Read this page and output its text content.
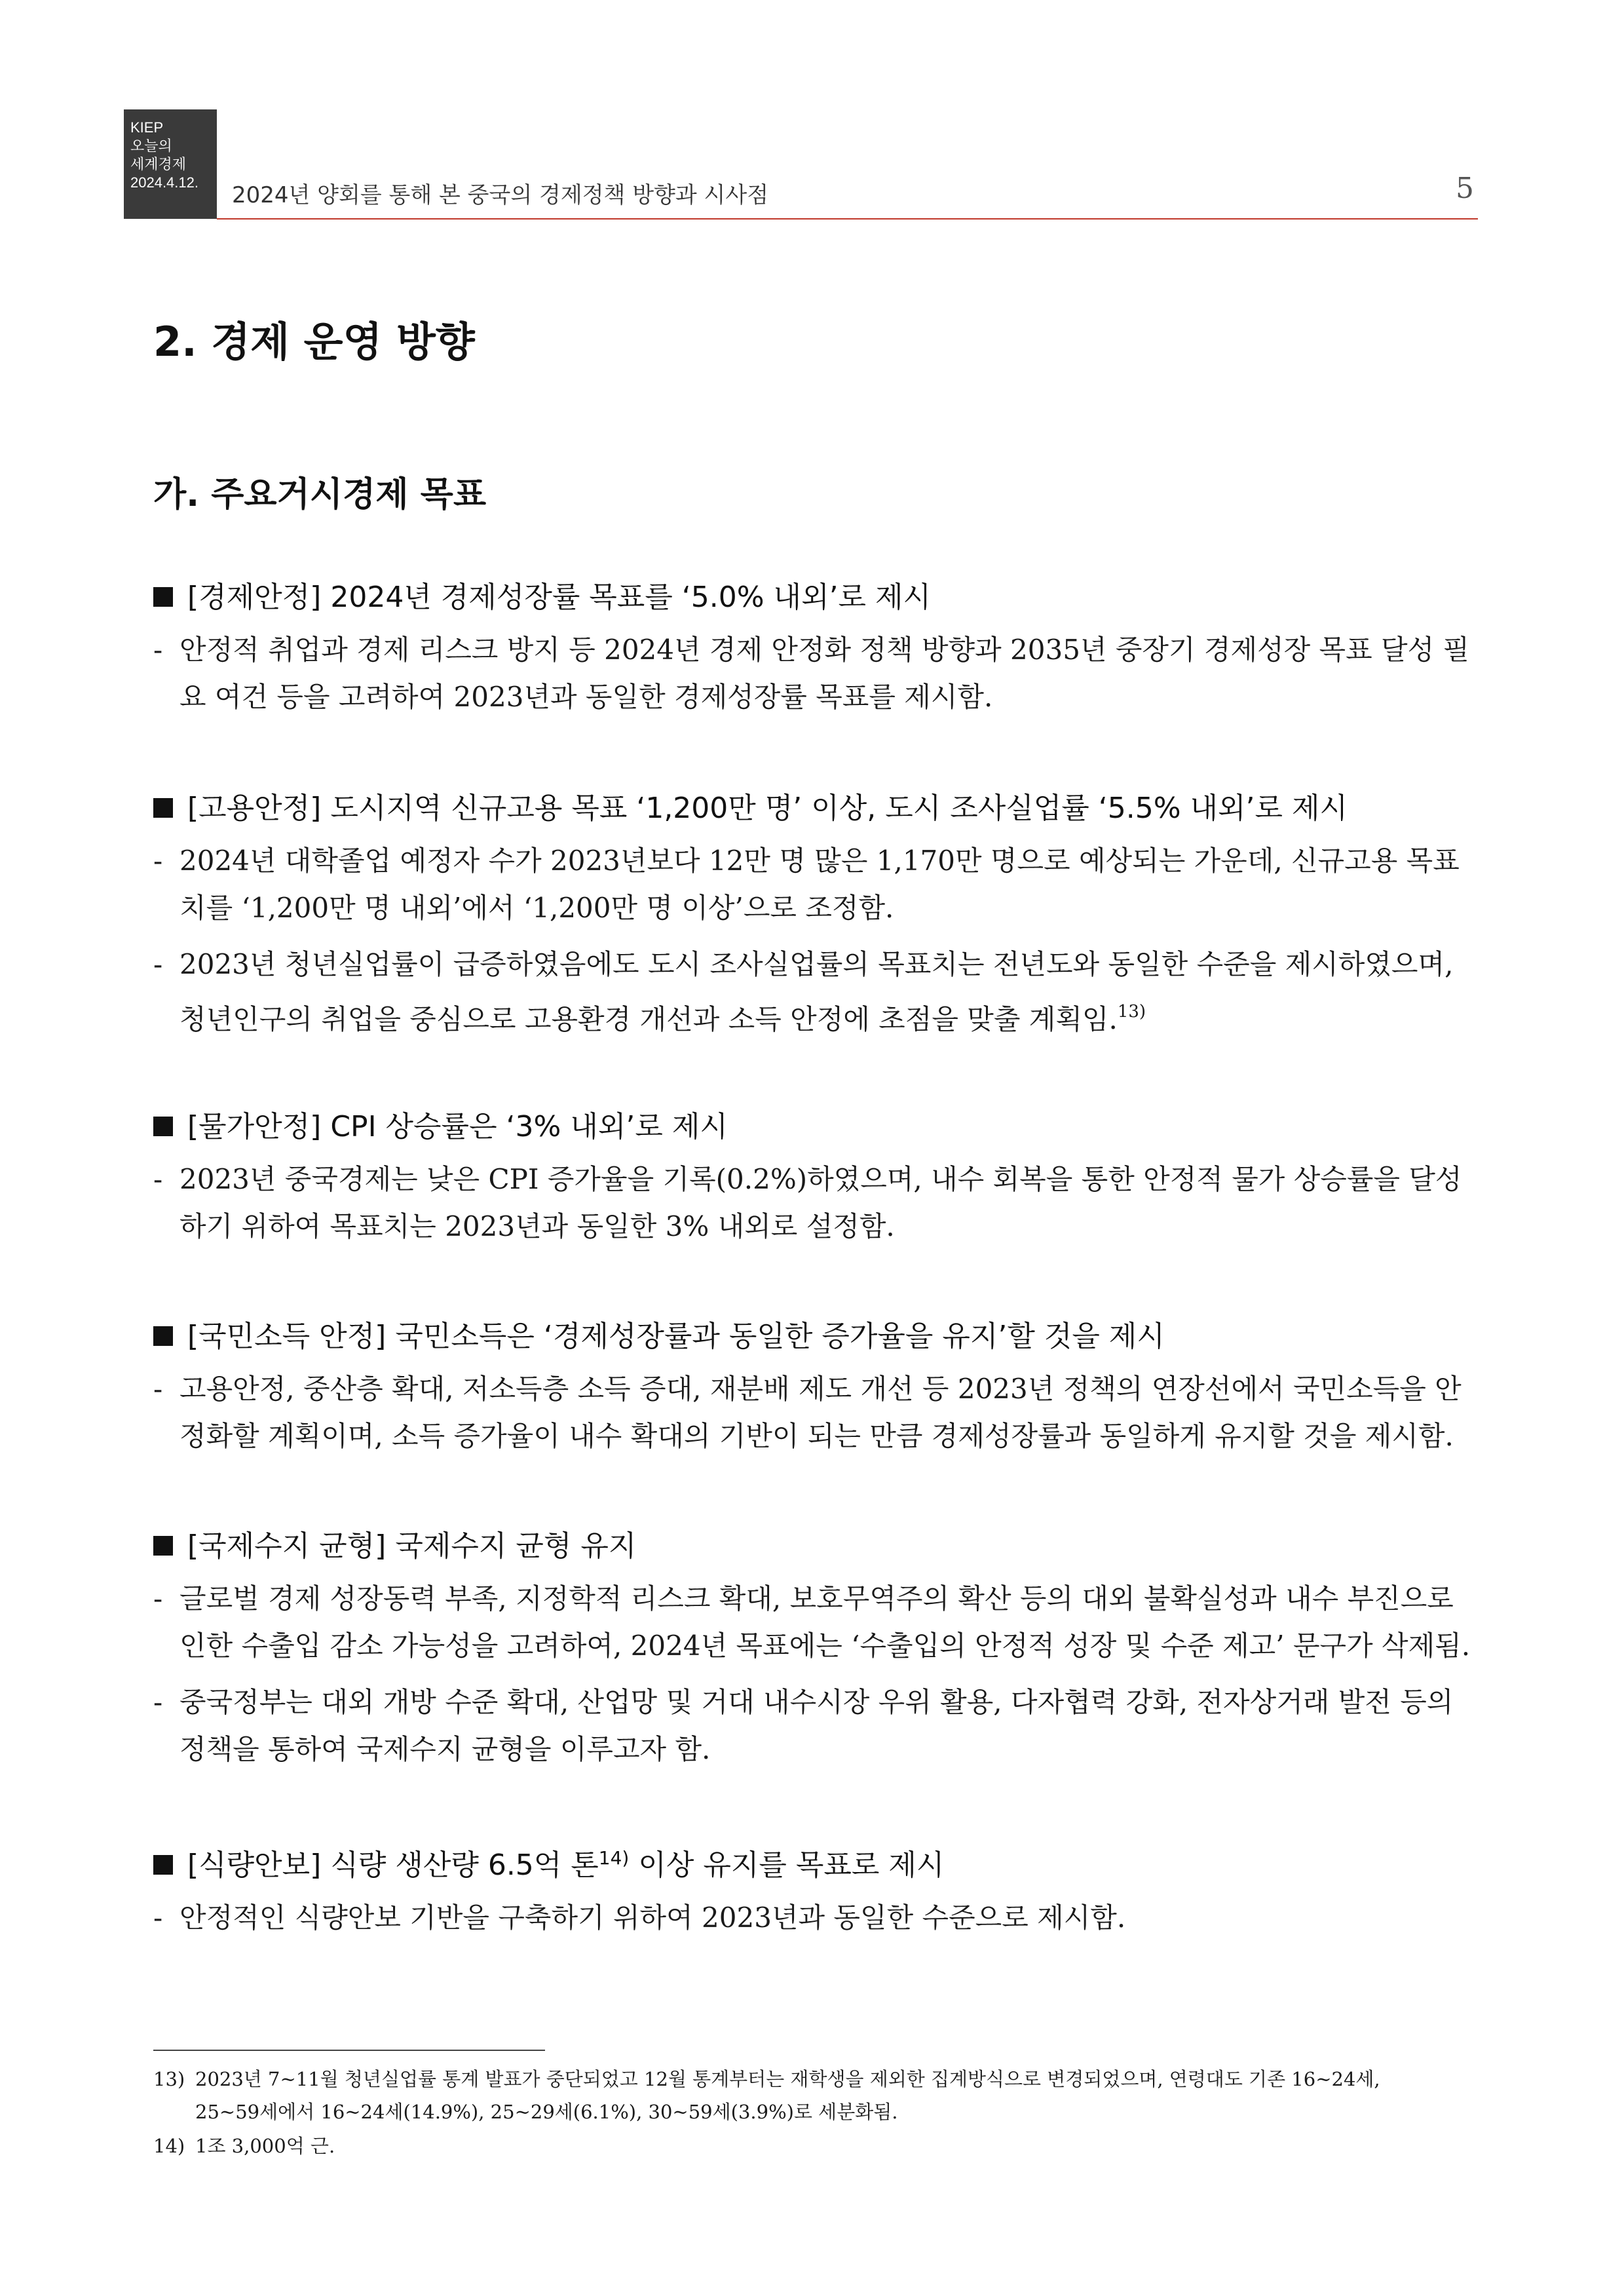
KIEP
오늘의
세계경제
2024.4.12.	2024년 양회를 통해 본 중국의 경제정책 방향과 시사점	5
2. 경제 운영 방향
가. 주요거시경제 목표
[경제안정] 2024년 경제성장률 목표를 ‘5.0% 내외’로 제시
- 안정적 취업과 경제 리스크 방지 등 2024년 경제 안정화 정책 방향과 2035년 중장기 경제성장 목표 달성 필요 여건 등을 고려하여 2023년과 동일한 경제성장률 목표를 제시함.
[고용안정] 도시지역 신규고용 목표 ‘1,200만 명’ 이상, 도시 조사실업률 ‘5.5% 내외’로 제시
- 2024년 대학졸업 예정자 수가 2023년보다 12만 명 많은 1,170만 명으로 예상되는 가운데, 신규고용 목표치를 ‘1,200만 명 내외’에서 ‘1,200만 명 이상’으로 조정함.
- 2023년 청년실업률이 급증하였음에도 도시 조사실업률의 목표치는 전년도와 동일한 수준을 제시하였으며, 청년인구의 취업을 중심으로 고용환경 개선과 소득 안정에 초점을 맞출 계획임.$^{13)}$
[물가안정] CPI 상승률은 ‘3% 내외’로 제시
- 2023년 중국경제는 낮은 CPI 증가율을 기록(0.2%)하였으며, 내수 회복을 통한 안정적 물가 상승률을 달성하기 위하여 목표치는 2023년과 동일한 3% 내외로 설정함.
[국민소득 안정] 국민소득은 ‘경제성장률과 동일한 증가율을 유지’할 것을 제시
- 고용안정, 중산층 확대, 저소득층 소득 증대, 재분배 제도 개선 등 2023년 정책의 연장선에서 국민소득을 안정화할 계획이며, 소득 증가율이 내수 확대의 기반이 되는 만큼 경제성장률과 동일하게 유지할 것을 제시함.
[국제수지 균형] 국제수지 균형 유지
- 글로벌 경제 성장동력 부족, 지정학적 리스크 확대, 보호무역주의 확산 등의 대외 불확실성과 내수 부진으로 인한 수출입 감소 가능성을 고려하여, 2024년 목표에는 ‘수출입의 안정적 성장 및 수준 제고’ 문구가 삭제됨.
- 중국정부는 대외 개방 수준 확대, 산업망 및 거대 내수시장 우위 활용, 다자협력 강화, 전자상거래 발전 등의 정책을 통하여 국제수지 균형을 이루고자 함.
[식량안보] 식량 생산량 6.5억 톤$^{14)}$ 이상 유지를 목표로 제시
- 안정적인 식량안보 기반을 구축하기 위하여 2023년과 동일한 수준으로 제시함.
13) 2023년 7~11월 청년실업률 통계 발표가 중단되었고 12월 통계부터는 재학생을 제외한 집계방식으로 변경되었으며, 연령대도 기존 16~24세,
25~59세에서 16~24세(14.9%), 25~29세(6.1%), 30~59세(3.9%)로 세분화됨.
14) 1조 3,000억 근.
